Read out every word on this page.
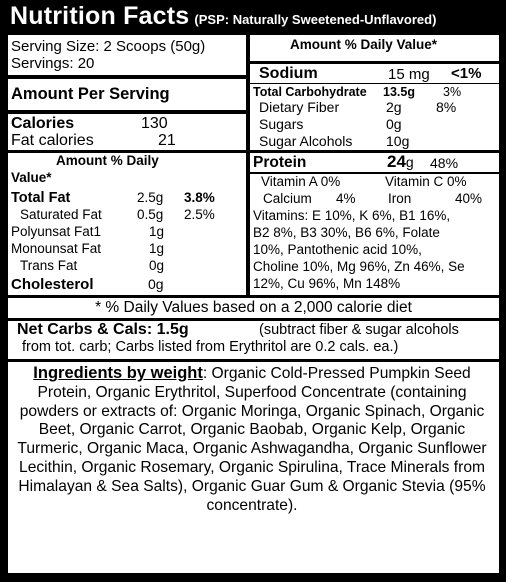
Nutrition Facts (PSP: Naturally Sweetened-Unflavored)
Serving Size: 2 Scoops (50g)
Servings: 20
Amount % Daily Value*
Sodium	15 mg <1%
Amount Per Serving
Calories	130
Fat calories	21
Total Carbohydrate 13.5g 3%
Dietary Fiber	2g 8%
Sugars	0g
Sugar Alcohols 10g
Amount % Daily
Value*
Total Fat	2.5g 3.8%
Saturated Fat	0.5g 2.5%
Polyunsat Fat1	1g
Monounsat Fat	1g
Trans Fat	0g
Cholesterol	0g
Protein	24g 48%
Vitamin A 0%	Vitamin C 0%
Calcium 4% Iron	40%
Vitamins: E 10%, K 6%, B1 16%,
B2 8%, B3 30%, B6 6%, Folate
10%, Pantothenic acid 10%,
Choline 10%, Mg 96%, Zn 46%, Se
12%, Cu 96%, Mn 148%
* % Daily Values based on a 2,000 calorie diet
Net Carbs & Cals: 1.5g	(subtract fiber & sugar alcohols
from tot. carb; Carbs listed from Erythritol are 0.2 cals. ea.)
Ingredients by weight: Organic Cold-Pressed Pumpkin Seed Protein, Organic Erythritol, Superfood Concentrate (containing powders or extracts of: Organic Moringa, Organic Spinach, Organic Beet, Organic Carrot, Organic Baobab, Organic Kelp, Organic Turmeric, Organic Maca, Organic Ashwagandha, Organic Sunflower Lecithin, Organic Rosemary, Organic Spirulina, Trace Minerals from Himalayan & Sea Salts), Organic Guar Gum & Organic Stevia (95% concentrate).
